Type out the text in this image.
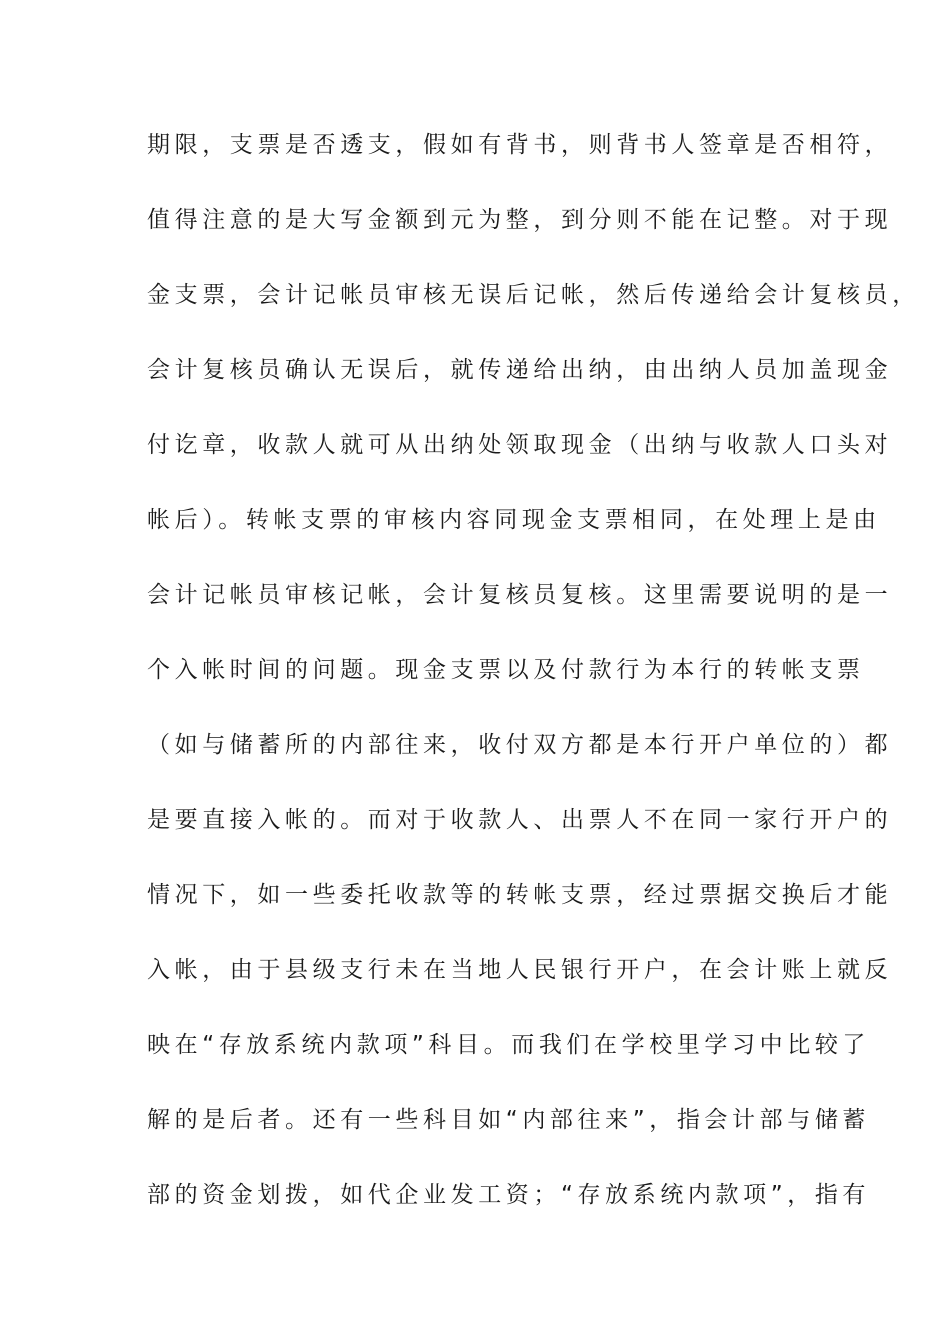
期限，支票是否透支，假如有背书，则背书人签章是否相符，
值得注意的是大写金额到元为整，到分则不能在记整。对于现
金支票，会计记帐员审核无误后记帐，然后传递给会计复核员，
会计复核员确认无误后，就传递给出纳，由出纳人员加盖现金
付讫章，收款人就可从出纳处领取现金（出纳与收款人口头对
帐后）。转帐支票的审核内容同现金支票相同，在处理上是由
会计记帐员审核记帐，会计复核员复核。这里需要说明的是一
个入帐时间的问题。现金支票以及付款行为本行的转帐支票
（如与储蓄所的内部往来，收付双方都是本行开户单位的）都
是要直接入帐的。而对于收款人、出票人不在同一家行开户的
情况下，如一些委托收款等的转帐支票，经过票据交换后才能
入帐，由于县级支行未在当地人民银行开户，在会计账上就反
映在“存放系统内款项”科目。而我们在学校里学习中比较了
解的是后者。还有一些科目如“内部往来”，指会计部与储蓄
部的资金划拨，如代企业发工资；“存放系统内款项”，指有
